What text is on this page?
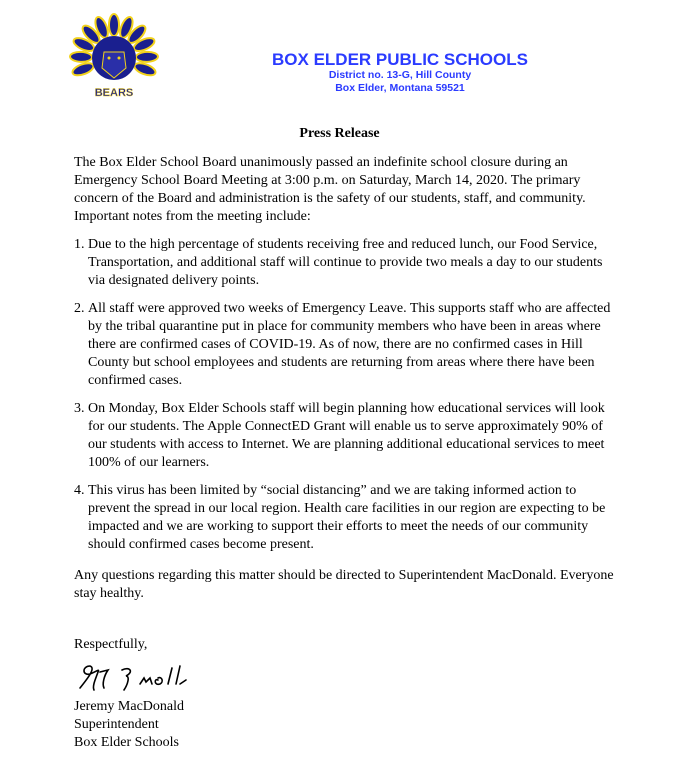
BEARS
BOX ELDER PUBLIC SCHOOLS
District no. 13-G, Hill County
Box Elder, Montana 59521
Press Release
The Box Elder School Board unanimously passed an indefinite school closure during an Emergency School Board Meeting at 3:00 p.m. on Saturday, March 14, 2020. The primary concern of the Board and administration is the safety of our students, staff, and community. Important notes from the meeting include:
1. Due to the high percentage of students receiving free and reduced lunch, our Food Service, Transportation, and additional staff will continue to provide two meals a day to our students via designated delivery points.
2. All staff were approved two weeks of Emergency Leave. This supports staff who are affected by the tribal quarantine put in place for community members who have been in areas where there are confirmed cases of COVID-19. As of now, there are no confirmed cases in Hill County but school employees and students are returning from areas where there have been confirmed cases.
3. On Monday, Box Elder Schools staff will begin planning how educational services will look for our students. The Apple ConnectED Grant will enable us to serve approximately 90% of our students with access to Internet. We are planning additional educational services to meet 100% of our learners.
4. This virus has been limited by “social distancing” and we are taking informed action to prevent the spread in our local region. Health care facilities in our region are expecting to be impacted and we are working to support their efforts to meet the needs of our community should confirmed cases become present.
Any questions regarding this matter should be directed to Superintendent MacDonald. Everyone stay healthy.
Respectfully,
Jeremy MacDonald
Superintendent
Box Elder Schools
